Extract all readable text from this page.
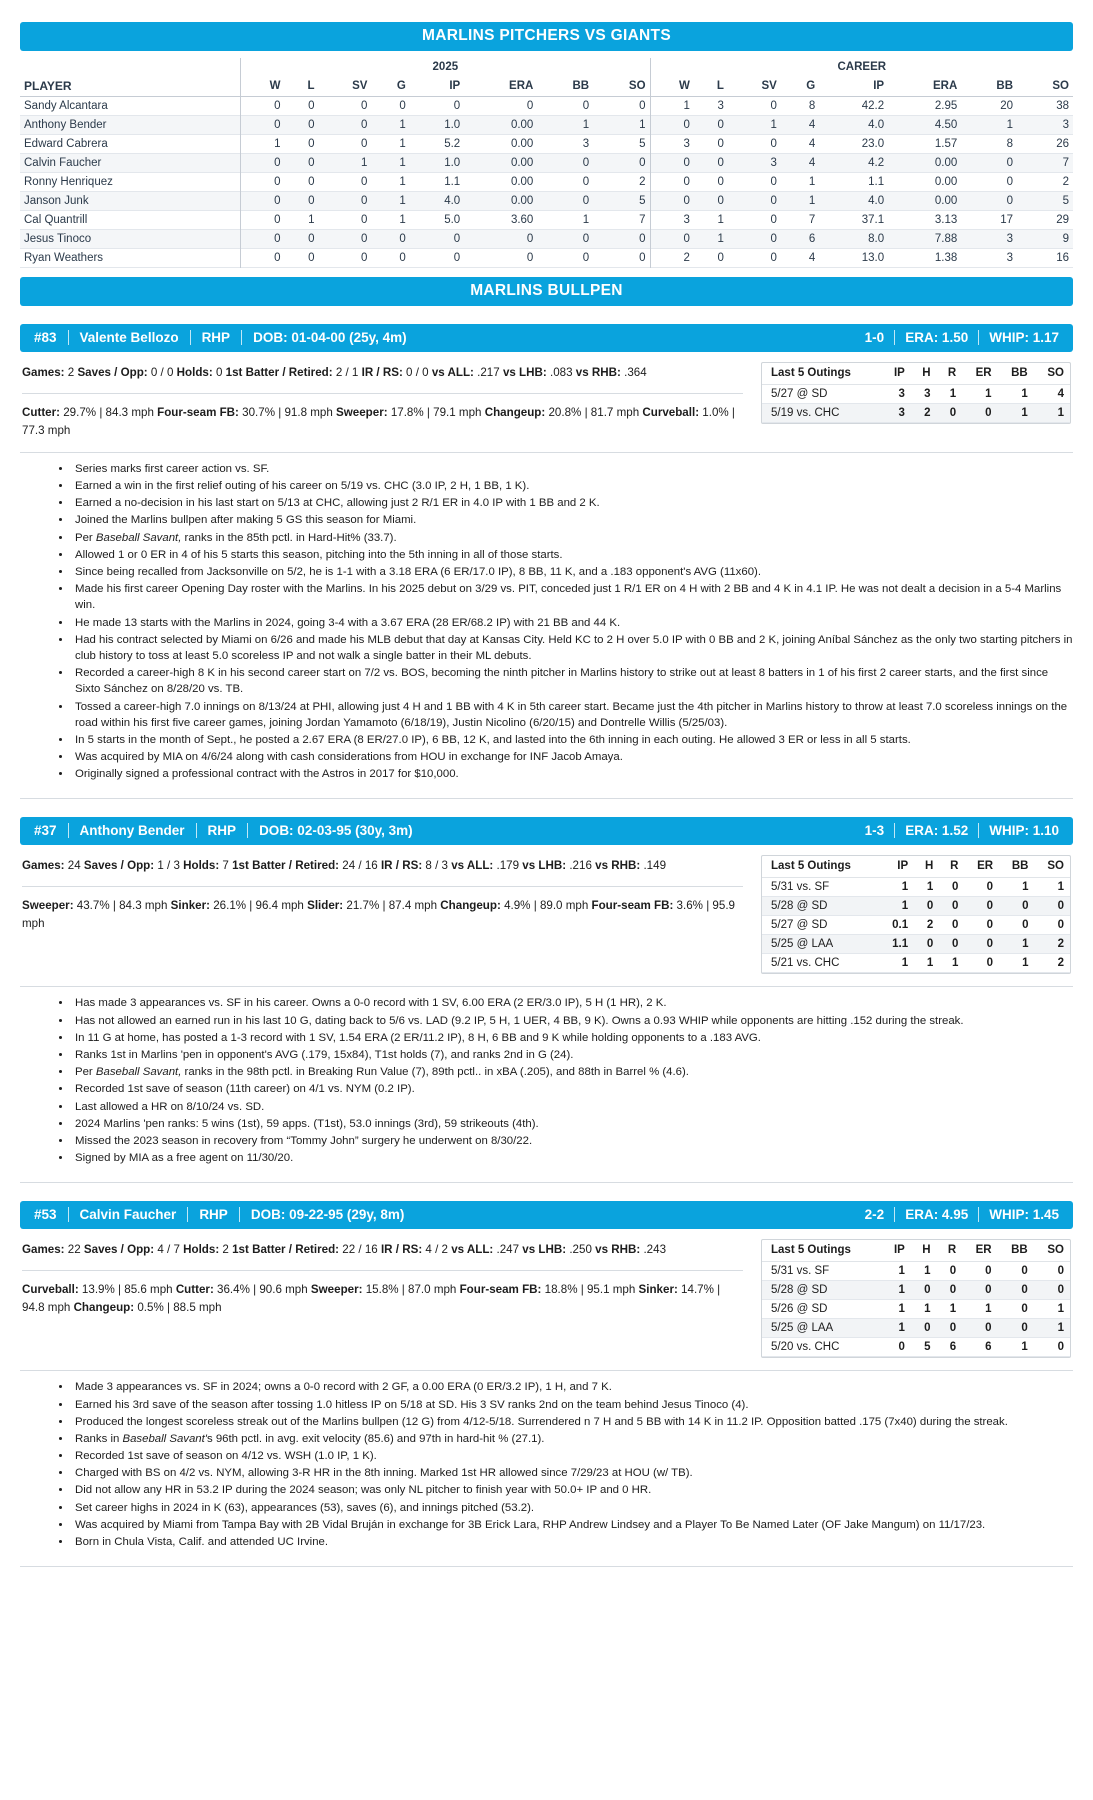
MARLINS PITCHERS VS GIANTS
	2025								CAREER							
PLAYER	W	L	SV	G	IP	ERA	BB	SO	W	L	SV	G	IP	ERA	BB	SO
Sandy Alcantara	0	0	0	0	0	0	0	0	1	3	0	8	42.2	2.95	20	38
Anthony Bender	0	0	0	1	1.0	0.00	1	1	0	0	1	4	4.0	4.50	1	3
Edward Cabrera	1	0	0	1	5.2	0.00	3	5	3	0	0	4	23.0	1.57	8	26
Calvin Faucher	0	0	1	1	1.0	0.00	0	0	0	0	3	4	4.2	0.00	0	7
Ronny Henriquez	0	0	0	1	1.1	0.00	0	2	0	0	0	1	1.1	0.00	0	2
Janson Junk	0	0	0	1	4.0	0.00	0	5	0	0	0	1	4.0	0.00	0	5
Cal Quantrill	0	1	0	1	5.0	3.60	1	7	3	1	0	7	37.1	3.13	17	29
Jesus Tinoco	0	0	0	0	0	0	0	0	0	1	0	6	8.0	7.88	3	9
Ryan Weathers	0	0	0	0	0	0	0	0	2	0	0	4	13.0	1.38	3	16
MARLINS BULLPEN
#83 Valente Bellozo RHP DOB: 01-04-00 (25y, 4m)	1-0 ERA: 1.50 WHIP: 1.17
Games: 2 Saves / Opp: 0 / 0 Holds: 0 1st Batter / Retired: 2 / 1 IR / RS: 0 / 0 vs ALL: .217 vs LHB: .083 vs RHB: .364
Cutter: 29.7% | 84.3 mph Four-seam FB: 30.7% | 91.8 mph Sweeper: 17.8% | 79.1 mph Changeup: 20.8% | 81.7 mph Curveball: 1.0% | 77.3 mph
Last 5 Outings	IP	H	R	ER	BB	SO
5/27 @ SD	3	3	1	1	1	4
5/19 vs. CHC	3	2	0	0	1	1
• Series marks first career action vs. SF.
• Earned a win in the first relief outing of his career on 5/19 vs. CHC (3.0 IP, 2 H, 1 BB, 1 K).
• Earned a no-decision in his last start on 5/13 at CHC, allowing just 2 R/1 ER in 4.0 IP with 1 BB and 2 K.
• Joined the Marlins bullpen after making 5 GS this season for Miami.
• Per Baseball Savant, ranks in the 85th pctl. in Hard-Hit% (33.7).
• Allowed 1 or 0 ER in 4 of his 5 starts this season, pitching into the 5th inning in all of those starts.
• Since being recalled from Jacksonville on 5/2, he is 1-1 with a 3.18 ERA (6 ER/17.0 IP), 8 BB, 11 K, and a .183 opponent's AVG (11x60).
• Made his first career Opening Day roster with the Marlins. In his 2025 debut on 3/29 vs. PIT, conceded just 1 R/1 ER on 4 H with 2 BB and 4 K in 4.1 IP. He was not dealt a decision in a 5-4 Marlins win.
• He made 13 starts with the Marlins in 2024, going 3-4 with a 3.67 ERA (28 ER/68.2 IP) with 21 BB and 44 K.
• Had his contract selected by Miami on 6/26 and made his MLB debut that day at Kansas City. Held KC to 2 H over 5.0 IP with 0 BB and 2 K, joining Aníbal Sánchez as the only two starting pitchers in club history to toss at least 5.0 scoreless IP and not walk a single batter in their ML debuts.
• Recorded a career-high 8 K in his second career start on 7/2 vs. BOS, becoming the ninth pitcher in Marlins history to strike out at least 8 batters in 1 of his first 2 career starts, and the first since Sixto Sánchez on 8/28/20 vs. TB.
• Tossed a career-high 7.0 innings on 8/13/24 at PHI, allowing just 4 H and 1 BB with 4 K in 5th career start. Became just the 4th pitcher in Marlins history to throw at least 7.0 scoreless innings on the road within his first five career games, joining Jordan Yamamoto (6/18/19), Justin Nicolino (6/20/15) and Dontrelle Willis (5/25/03).
• In 5 starts in the month of Sept., he posted a 2.67 ERA (8 ER/27.0 IP), 6 BB, 12 K, and lasted into the 6th inning in each outing. He allowed 3 ER or less in all 5 starts.
• Was acquired by MIA on 4/6/24 along with cash considerations from HOU in exchange for INF Jacob Amaya.
• Originally signed a professional contract with the Astros in 2017 for $10,000.
#37 Anthony Bender RHP DOB: 02-03-95 (30y, 3m)	1-3 ERA: 1.52 WHIP: 1.10
Games: 24 Saves / Opp: 1 / 3 Holds: 7 1st Batter / Retired: 24 / 16 IR / RS: 8 / 3 vs ALL: .179 vs LHB: .216 vs RHB: .149
Sweeper: 43.7% | 84.3 mph Sinker: 26.1% | 96.4 mph Slider: 21.7% | 87.4 mph Changeup: 4.9% | 89.0 mph Four-seam FB: 3.6% | 95.9 mph
Last 5 Outings	IP	H	R	ER	BB	SO
5/31 vs. SF	1	1	0	0	1	1
5/28 @ SD	1	0	0	0	0	0
5/27 @ SD	0.1	2	0	0	0	0
5/25 @ LAA	1.1	0	0	0	1	2
5/21 vs. CHC	1	1	1	0	1	2
• Has made 3 appearances vs. SF in his career. Owns a 0-0 record with 1 SV, 6.00 ERA (2 ER/3.0 IP), 5 H (1 HR), 2 K.
• Has not allowed an earned run in his last 10 G, dating back to 5/6 vs. LAD (9.2 IP, 5 H, 1 UER, 4 BB, 9 K). Owns a 0.93 WHIP while opponents are hitting .152 during the streak.
• In 11 G at home, has posted a 1-3 record with 1 SV, 1.54 ERA (2 ER/11.2 IP), 8 H, 6 BB and 9 K while holding opponents to a .183 AVG.
• Ranks 1st in Marlins 'pen in opponent's AVG (.179, 15x84), T1st holds (7), and ranks 2nd in G (24).
• Per Baseball Savant, ranks in the 98th pctl. in Breaking Run Value (7), 89th pctl.. in xBA (.205), and 88th in Barrel % (4.6).
• Recorded 1st save of season (11th career) on 4/1 vs. NYM (0.2 IP).
• Last allowed a HR on 8/10/24 vs. SD.
• 2024 Marlins 'pen ranks: 5 wins (1st), 59 apps. (T1st), 53.0 innings (3rd), 59 strikeouts (4th).
• Missed the 2023 season in recovery from “Tommy John” surgery he underwent on 8/30/22.
• Signed by MIA as a free agent on 11/30/20.
#53 Calvin Faucher RHP DOB: 09-22-95 (29y, 8m)	2-2 ERA: 4.95 WHIP: 1.45
Games: 22 Saves / Opp: 4 / 7 Holds: 2 1st Batter / Retired: 22 / 16 IR / RS: 4 / 2 vs ALL: .247 vs LHB: .250 vs RHB: .243
Curveball: 13.9% | 85.6 mph Cutter: 36.4% | 90.6 mph Sweeper: 15.8% | 87.0 mph Four-seam FB: 18.8% | 95.1 mph Sinker: 14.7% | 94.8 mph Changeup: 0.5% | 88.5 mph
Last 5 Outings	IP	H	R	ER	BB	SO
5/31 vs. SF	1	1	0	0	0	0
5/28 @ SD	1	0	0	0	0	0
5/26 @ SD	1	1	1	1	0	1
5/25 @ LAA	1	0	0	0	0	1
5/20 vs. CHC	0	5	6	6	1	0
• Made 3 appearances vs. SF in 2024; owns a 0-0 record with 2 GF, a 0.00 ERA (0 ER/3.2 IP), 1 H, and 7 K.
• Earned his 3rd save of the season after tossing 1.0 hitless IP on 5/18 at SD. His 3 SV ranks 2nd on the team behind Jesus Tinoco (4).
• Produced the longest scoreless streak out of the Marlins bullpen (12 G) from 4/12-5/18. Surrendered n 7 H and 5 BB with 14 K in 11.2 IP. Opposition batted .175 (7x40) during the streak.
• Ranks in Baseball Savant's 96th pctl. in avg. exit velocity (85.6) and 97th in hard-hit % (27.1).
• Recorded 1st save of season on 4/12 vs. WSH (1.0 IP, 1 K).
• Charged with BS on 4/2 vs. NYM, allowing 3-R HR in the 8th inning. Marked 1st HR allowed since 7/29/23 at HOU (w/ TB).
• Did not allow any HR in 53.2 IP during the 2024 season; was only NL pitcher to finish year with 50.0+ IP and 0 HR.
• Set career highs in 2024 in K (63), appearances (53), saves (6), and innings pitched (53.2).
• Was acquired by Miami from Tampa Bay with 2B Vidal Bruján in exchange for 3B Erick Lara, RHP Andrew Lindsey and a Player To Be Named Later (OF Jake Mangum) on 11/17/23.
• Born in Chula Vista, Calif. and attended UC Irvine.
